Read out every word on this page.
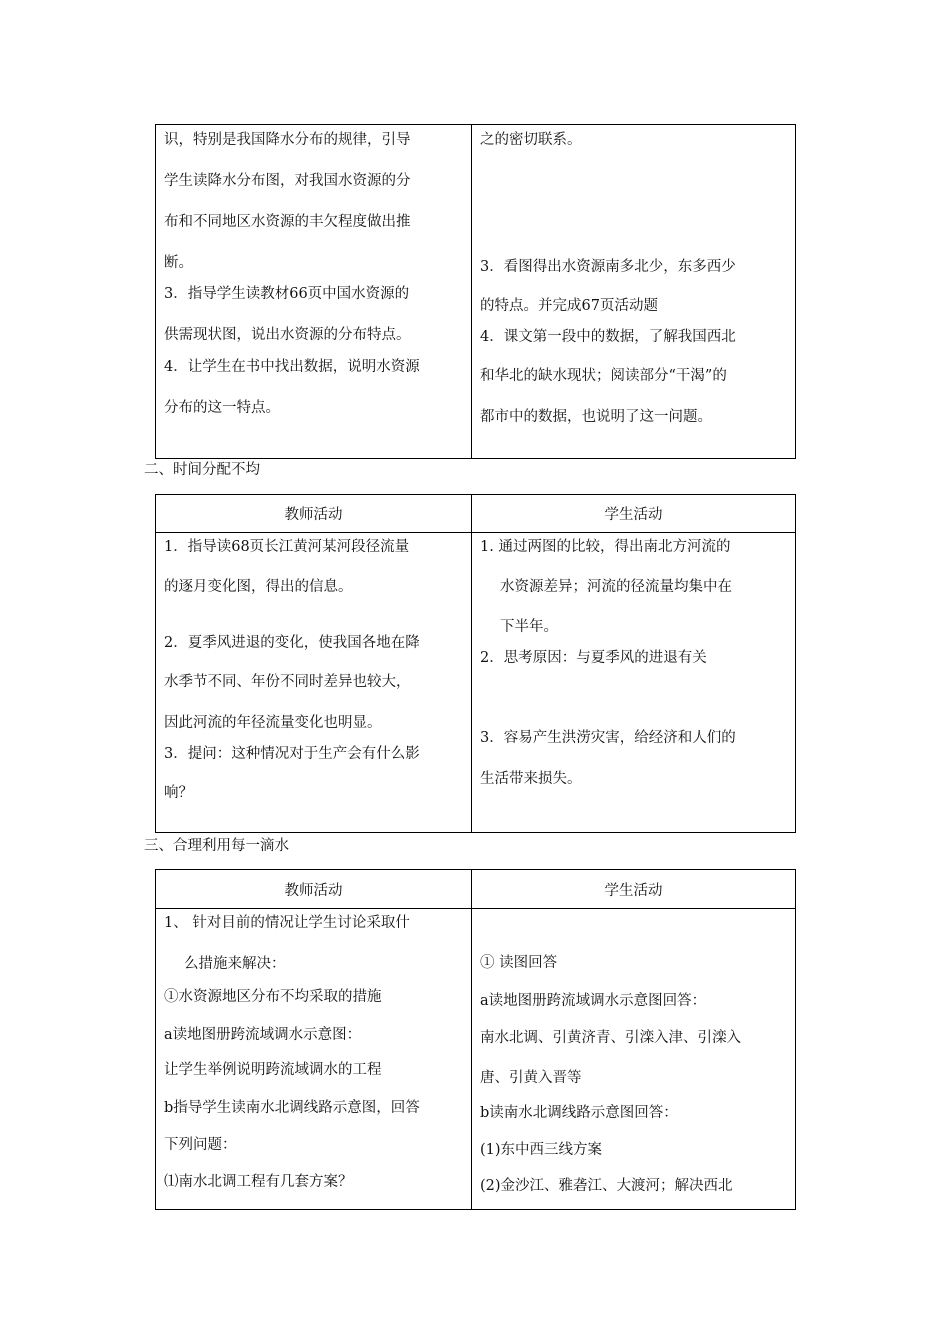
识，特别是我国降水分布的规律，引导
学生读降水分布图，对我国水资源的分
布和不同地区水资源的丰欠程度做出推
断。
3．指导学生读教材66页中国水资源的
供需现状图，说出水资源的分布特点。
4．让学生在书中找出数据，说明水资源
分布的这一特点。
之的密切联系。
3．看图得出水资源南多北少，东多西少
的特点。并完成67页活动题
4．课文第一段中的数据，了解我国西北
和华北的缺水现状；阅读部分“干渴”的
都市中的数据，也说明了这一问题。
二、时间分配不均
教师活动	学生活动
1．指导读68页长江黄河某河段径流量
的逐月变化图，得出的信息。
2．夏季风进退的变化，使我国各地在降
水季节不同、年份不同时差异也较大，
因此河流的年径流量变化也明显。
3．提问：这种情况对于生产会有什么影
响？
1. 通过两图的比较，得出南北方河流的
水资源差异；河流的径流量均集中在
下半年。
2．思考原因：与夏季风的进退有关
3．容易产生洪涝灾害，给经济和人们的
生活带来损失。
三、合理利用每一滴水
教师活动	学生活动
1、 针对目前的情况让学生讨论采取什
么措施来解决：
①水资源地区分布不均采取的措施
a读地图册跨流域调水示意图：
让学生举例说明跨流域调水的工程
b指导学生读南水北调线路示意图，回答
下列问题：
⑴南水北调工程有几套方案？
① 读图回答
a读地图册跨流域调水示意图回答：
南水北调、引黄济青、引滦入津、引滦入
唐、引黄入晋等
b读南水北调线路示意图回答：
(1)东中西三线方案
(2)金沙江、雅砻江、大渡河；解决西北
